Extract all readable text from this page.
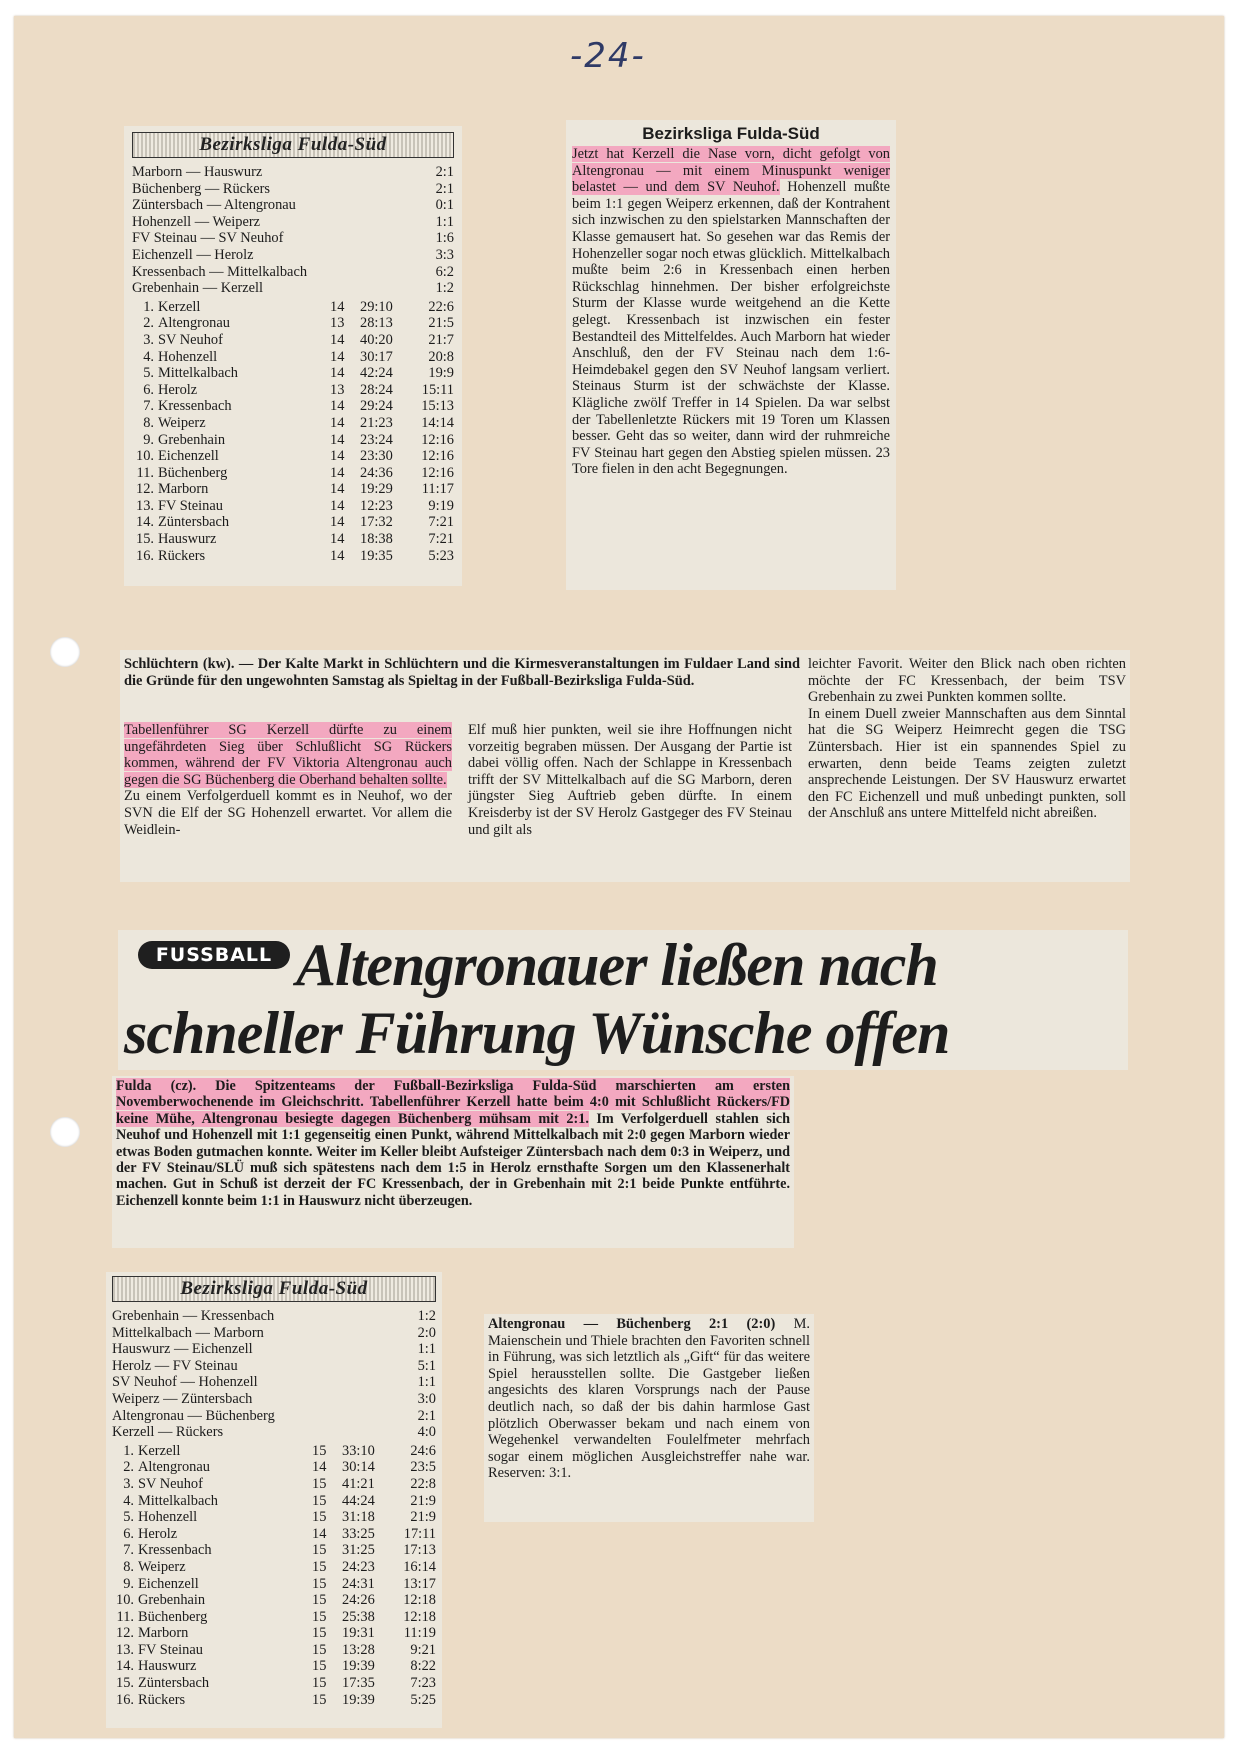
-24-
Bezirksliga Fulda-Süd
Marborn — Hauswurz	2:1
Büchenberg — Rückers	2:1
Züntersbach — Altengronau	0:1
Hohenzell — Weiperz	1:1
FV Steinau — SV Neuhof	1:6
Eichenzell — Herolz	3:3
Kressenbach — Mittelkalbach	6:2
Grebenhain — Kerzell	1:2
1. Kerzell	14	29:10	22:6
2. Altengronau	13	28:13	21:5
3. SV Neuhof	14	40:20	21:7
4. Hohenzell	14	30:17	20:8
5. Mittelkalbach	14	42:24	19:9
6. Herolz	13	28:24	15:11
7. Kressenbach	14	29:24	15:13
8. Weiperz	14	21:23	14:14
9. Grebenhain	14	23:24	12:16
10. Eichenzell	14	23:30	12:16
11. Büchenberg	14	24:36	12:16
12. Marborn	14	19:29	11:17
13. FV Steinau	14	12:23	9:19
14. Züntersbach	14	17:32	7:21
15. Hauswurz	14	18:38	7:21
16. Rückers	14	19:35	5:23
Bezirksliga Fulda-Süd
Jetzt hat Kerzell die Nase vorn, dicht gefolgt von Altengronau — mit einem Minuspunkt weniger belastet — und dem SV Neuhof. Hohenzell mußte beim 1:1 gegen Weiperz erkennen, daß der Kontrahent sich inzwischen zu den spielstarken Mannschaften der Klasse gemausert hat. So gesehen war das Remis der Hohenzeller sogar noch etwas glücklich. Mittelkalbach mußte beim 2:6 in Kressenbach einen herben Rückschlag hinnehmen. Der bisher erfolgreichste Sturm der Klasse wurde weitgehend an die Kette gelegt. Kressenbach ist inzwischen ein fester Bestandteil des Mittelfeldes. Auch Marborn hat wieder Anschluß, den der FV Steinau nach dem 1:6-Heimdebakel gegen den SV Neuhof langsam verliert. Steinaus Sturm ist der schwächste der Klasse. Klägliche zwölf Treffer in 14 Spielen. Da war selbst der Tabellenletzte Rückers mit 19 Toren um Klassen besser. Geht das so weiter, dann wird der ruhmreiche FV Steinau hart gegen den Abstieg spielen müssen. 23 Tore fielen in den acht Begegnungen.
Schlüchtern (kw). — Der Kalte Markt in Schlüchtern und die Kirmesveranstaltungen im Fuldaer Land sind die Gründe für den ungewohnten Samstag als Spieltag in der Fußball-Bezirksliga Fulda-Süd.
Tabellenführer SG Kerzell dürfte zu einem ungefährdeten Sieg über Schlußlicht SG Rückers kommen, während der FV Viktoria Altengronau auch gegen die SG Büchenberg die Oberhand behalten sollte.
Zu einem Verfolgerduell kommt es in Neuhof, wo der SVN die Elf der SG Hohenzell erwartet. Vor allem die Weidlein-
Elf muß hier punkten, weil sie ihre Hoffnungen nicht vorzeitig begraben müssen. Der Ausgang der Partie ist dabei völlig offen. Nach der Schlappe in Kressenbach trifft der SV Mittelkalbach auf die SG Marborn, deren jüngster Sieg Auftrieb geben dürfte. In einem Kreisderby ist der SV Herolz Gastgeger des FV Steinau und gilt als
leichter Favorit. Weiter den Blick nach oben richten möchte der FC Kressenbach, der beim TSV Grebenhain zu zwei Punkten kommen sollte.
In einem Duell zweier Mannschaften aus dem Sinntal hat die SG Weiperz Heimrecht gegen die TSG Züntersbach. Hier ist ein spannendes Spiel zu erwarten, denn beide Teams zeigten zuletzt ansprechende Leistungen. Der SV Hauswurz erwartet den FC Eichenzell und muß unbedingt punkten, soll der Anschluß ans untere Mittelfeld nicht abreißen.
FUSSBALL Altengronauer ließen nach
schneller Führung Wünsche offen
Fulda (cz). Die Spitzenteams der Fußball-Bezirksliga Fulda-Süd marschierten am ersten Novemberwochenende im Gleichschritt. Tabellenführer Kerzell hatte beim 4:0 mit Schlußlicht Rückers/FD keine Mühe, Altengronau besiegte dagegen Büchenberg mühsam mit 2:1. Im Verfolgerduell stahlen sich Neuhof und Hohenzell mit 1:1 gegenseitig einen Punkt, während Mittelkalbach mit 2:0 gegen Marborn wieder etwas Boden gutmachen konnte. Weiter im Keller bleibt Aufsteiger Züntersbach nach dem 0:3 in Weiperz, und der FV Steinau/SLÜ muß sich spätestens nach dem 1:5 in Herolz ernsthafte Sorgen um den Klassenerhalt machen. Gut in Schuß ist derzeit der FC Kressenbach, der in Grebenhain mit 2:1 beide Punkte entführte. Eichenzell konnte beim 1:1 in Hauswurz nicht überzeugen.
Bezirksliga Fulda-Süd
Grebenhain — Kressenbach	1:2
Mittelkalbach — Marborn	2:0
Hauswurz — Eichenzell	1:1
Herolz — FV Steinau	5:1
SV Neuhof — Hohenzell	1:1
Weiperz — Züntersbach	3:0
Altengronau — Büchenberg	2:1
Kerzell — Rückers	4:0
1. Kerzell	15	33:10	24:6
2. Altengronau	14	30:14	23:5
3. SV Neuhof	15	41:21	22:8
4. Mittelkalbach	15	44:24	21:9
5. Hohenzell	15	31:18	21:9
6. Herolz	14	33:25	17:11
7. Kressenbach	15	31:25	17:13
8. Weiperz	15	24:23	16:14
9. Eichenzell	15	24:31	13:17
10. Grebenhain	15	24:26	12:18
11. Büchenberg	15	25:38	12:18
12. Marborn	15	19:31	11:19
13. FV Steinau	15	13:28	9:21
14. Hauswurz	15	19:39	8:22
15. Züntersbach	15	17:35	7:23
16. Rückers	15	19:39	5:25
Altengronau — Büchenberg 2:1 (2:0) M. Maienschein und Thiele brachten den Favoriten schnell in Führung, was sich letztlich als „Gift“ für das weitere Spiel herausstellen sollte. Die Gastgeber ließen angesichts des klaren Vorsprungs nach der Pause deutlich nach, so daß der bis dahin harmlose Gast plötzlich Oberwasser bekam und nach einem von Wegehenkel verwandelten Foulelfmeter mehrfach sogar einem möglichen Ausgleichstreffer nahe war. Reserven: 3:1.
